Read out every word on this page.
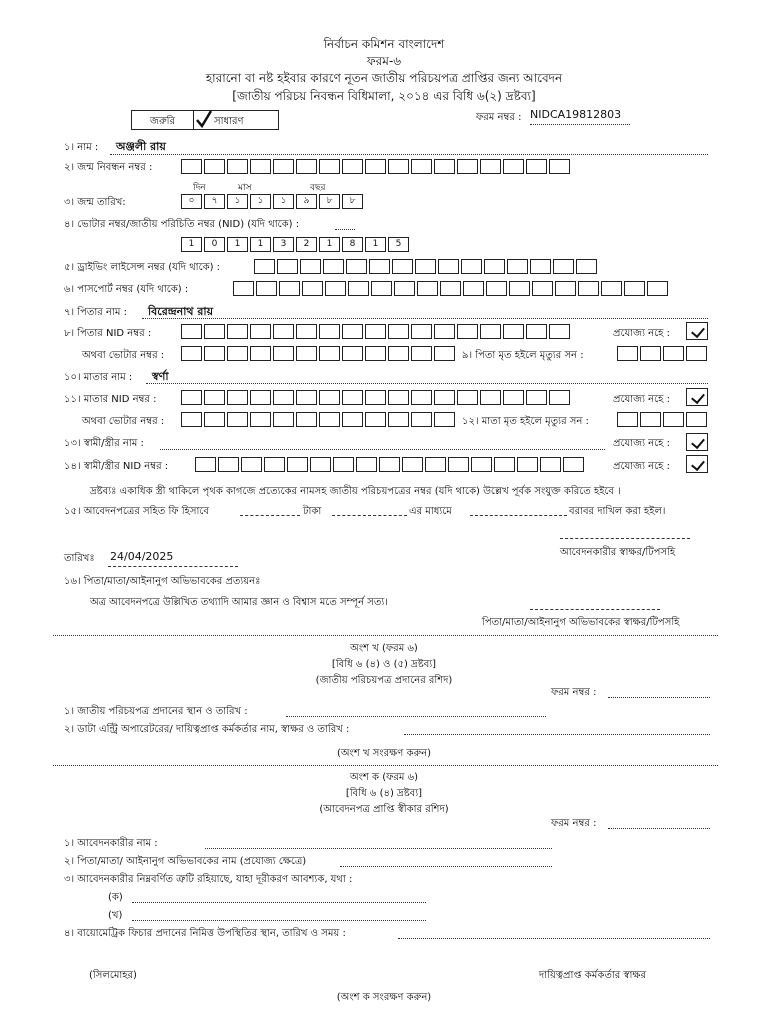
নির্বাচন কমিশন বাংলাদেশ
ফরম-৬
হারানো বা নষ্ট হইবার কারণে নূতন জাতীয় পরিচয়পত্র প্রাপ্তির জন্য আবেদন
[জাতীয় পরিচয় নিবন্ধন বিধিমালা, ২০১৪ এর বিধি ৬(২) দ্রষ্টব্য]
জরুরি	সাধারণ	ফরম নম্বর : NIDCA19812803
১। নাম : অঞ্জলী রায়
২। জন্ম নিবন্ধন নম্বর :
দিন	মাস	বছর
৩। জন্ম তারিখ:	০	৭	১	১	১	৯	৮	৮
৪। ভোটার নম্বর/জাতীয় পরিচিতি নম্বর (NID) (যদি থাকে) :
1	0	1	1	3	2	1	8	1	5
৫। ড্রাইভিং লাইসেন্স নম্বর (যদি থাকে) :
৬। পাসপোর্ট নম্বর (যদি থাকে) :
৭। পিতার নাম : বিরেন্দ্রনাথ রায়
৮। পিতার NID নম্বর :	প্রযোজ্য নহে :
অথবা ভোটার নম্বর :	৯। পিতা মৃত হইলে মৃত্যুর সন :
১০। মাতার নাম : স্বর্ণা
১১। মাতার NID নম্বর :	প্রযোজ্য নহে :
অথবা ভোটার নম্বর :	১২। মাতা মৃত হইলে মৃত্যুর সন :
১৩। স্বামী/স্ত্রীর নাম :	প্রযোজ্য নহে :
১৪। স্বামী/স্ত্রীর NID নম্বর :	প্রযোজ্য নহে :
দ্রষ্টব্যঃ একাধিক স্ত্রী থাকিলে পৃথক কাগজে প্রত্যেকের নামসহ জাতীয় পরিচয়পত্রের নম্বর (যদি থাকে) উল্লেখ পূর্বক সংযুক্ত করিতে হইবে ।
১৫। আবেদনপত্রের সহিত ফি হিসাবে	টাকা	এর মাধ্যমে	বরাবর দাখিল করা হইল।
আবেদনকারীর স্বাক্ষর/টিপসহি
তারিখঃ 24/04/2025
১৬। পিতা/মাতা/আইনানুগ অভিভাবকের প্রত্যয়নঃ
অত্র আবেদনপত্রে উল্লিখিত তথ্যাদি আমার জ্ঞান ও বিশ্বাস মতে সম্পূর্ন সত্য।
পিতা/মাতা/আইনানুগ অভিভাবকের স্বাক্ষর/টিপসহি
অংশ খ (ফরম ৬)
[বিধি ৬ (৪) ও (৫) দ্রষ্টব্য]
(জাতীয় পরিচয়পত্র প্রদানের রশিদ)
ফরম নম্বর :
১। জাতীয় পরিচয়পত্র প্রদানের স্থান ও তারিখ :
২। ডাটা এন্ট্রি অপারেটরের/ দায়িত্বপ্রাপ্ত কর্মকর্তার নাম, স্বাক্ষর ও তারিখ :
(অংশ খ সংরক্ষণ করুন)
অংশ ক (ফরম ৬)
[বিধি ৬ (৪) দ্রষ্টব্য]
(আবেদনপত্র প্রাপ্তি স্বীকার রশিদ)
ফরম নম্বর :
১। আবেদনকারীর নাম :
২। পিতা/মাতা/ আইনানুগ অভিভাবকের নাম (প্রযোজ্য ক্ষেত্রে)
৩। আবেদনকারীর নিম্নবর্ণিত ত্রুটি রহিয়াছে, যাহা দূরীকরণ আবশ্যক, যথা :
(ক)
(খ)
৪। বায়োমেট্রিক ফিচার প্রদানের নিমিত্ত উপস্থিতির স্থান, তারিখ ও সময় :
(সিলমোহর)	দায়িত্বপ্রাপ্ত কর্মকর্তার স্বাক্ষর
(অংশ ক সংরক্ষণ করুন)
